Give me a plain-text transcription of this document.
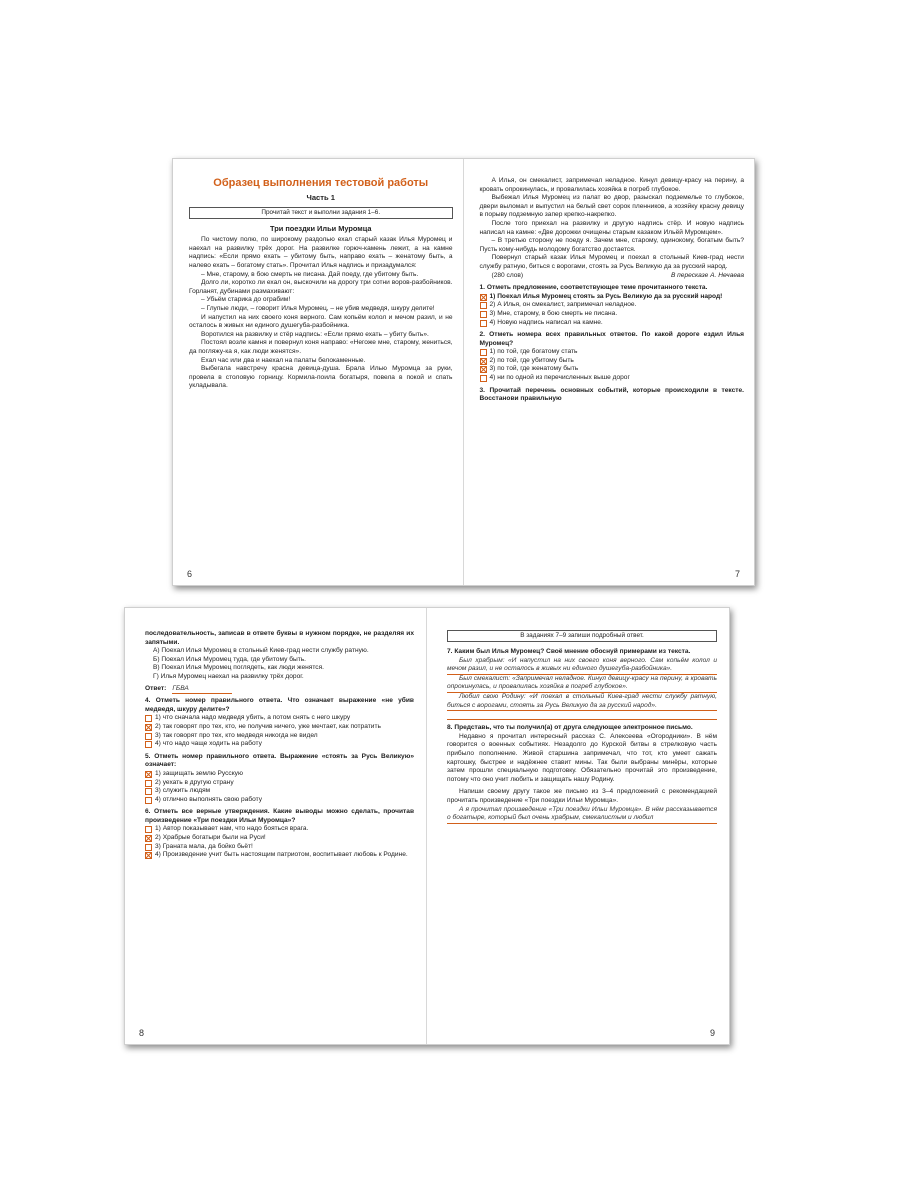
Образец выполнения тестовой работы
Часть 1
Прочитай текст и выполни задания 1–6.
Три поездки Ильи Муромца

По чистому полю, по широкому раздолью ехал старый казак Илья Муромец и наехал на развилку трёх дорог. На развилке горюч-камень лежит, а на камне надпись: «Если прямо ехать – убитому быть, направо ехать – женатому быть, а налево ехать – богатому стать». Прочитал Илья надпись и призадумался:

– Мне, старому, в бою смерть не писана. Дай поеду, где убитому быть.

Долго ли, коротко ли ехал он, выскочили на дорогу три сотни воров-разбойников. Горланят, дубинами размахивают:

– Убьём старика до ограбим!

– Глупые люди, – говорит Илья Муромец, – не убив медведя, шкуру делите!

И напустил на них своего коня верного. Сам копьём колол и мечом разил, и не осталось в живых ни единого душегуба-разбойника.

Воротился на развилку и стёр надпись: «Если прямо ехать – убиту быть».

Постоял возле камня и повернул коня направо: «Негоже мне, старому, жениться, да погляжу-ка я, как люди женятся».

Ехал час или два и наехал на палаты белокаменные.

Выбегала навстречу красна девица-душа. Брала Илью Муромца за руки, провела в столовую горницу. Кормила-поила богатыря, повела в покой и спать укладывала.

6

А Илья, он смекалист, запримечал неладное. Кинул девицу-красу на перину, а кровать опрокинулась, и провалилась хозяйка в погреб глубокое.

Выбежал Илья Муромец из палат во двор, разыскал подземелье то глубокое, двери выломал и выпустил на белый свет сорок пленников, а хозяйку красну девицу в порыву подземную запер крепко-накрепко.

После того приехал на развилку и другую надпись стёр. И новую надпись написал на камне: «Две дорожки очищены старым казаком Ильёй Муромцем».

– В третью сторону не поеду я. Зачем мне, старому, одинокому, богатым быть? Пусть кому-нибудь молодому богатство достается.

Повернул старый казак Илья Муромец и поехал в стольный Киев-град нести службу ратную, биться с ворогами, стоять за Русь Великую да за русский народ.

(280 слов)	В пересказе А. Нечаева

1. Отметь предложение, соответствующее теме прочитанного текста.

1) Поехал Илья Муромец стоять за Русь Великую да за русский народ!
2) А Илья, он смекалист, запримечал неладное.
3) Мне, старому, в бою смерть не писана.
4) Новую надпись написал на камне.

2. Отметь номера всех правильных ответов. По какой дороге ездил Илья Муромец?

1) по той, где богатому стать
2) по той, где убитому быть
3) по той, где женатому быть
4) ни по одной из перечисленных выше дорог

3. Прочитай перечень основных событий, которые происходили в тексте. Восстанови правильную

7

последовательность, записав в ответе буквы в нужном порядке, не разделяя их запятыми.

А) Поехал Илья Муромец в стольный Киев-град нести службу ратную.

Б) Поехал Илья Муромец туда, где убитому быть.

В) Поехал Илья Муромец поглядеть, как люди женятся.

Г) Илья Муромец наехал на развилку трёх дорог.

Ответ: ГБВА

4. Отметь номер правильного ответа. Что означает выражение «не убив медведя, шкуру делите»?

1) что сначала надо медведя убить, а потом снять с него шкуру
2) так говорят про тех, кто, не получив ничего, уже мечтает, как потратить
3) так говорят про тех, кто медведя никогда не видел
4) что надо чаще ходить на работу

5. Отметь номер правильного ответа. Выражение «стоять за Русь Великую» означает:

1) защищать землю Русскую
2) уехать в другую страну
3) служить людям
4) отлично выполнять свою работу

6. Отметь все верные утверждения. Какие выводы можно сделать, прочитав произведение «Три поездки Ильи Муромца»?

1) Автор показывает нам, что надо бояться врага.
2) Храбрые богатыри были на Руси!
3) Граната мала, да бойко бьёт!
4) Произведение учит быть настоящим патриотом, воспитывает любовь к Родине.
8
В заданиях 7–9 запиши подробный ответ.

7. Каким был Илья Муромец? Своё мнение обоснуй примерами из текста.

Был храбрым: «И напустил на них своего коня верного. Сам копьём колол и мечом разил, и не осталось в живых ни единого душегуба-разбойника».

Был смекалист: «Запримечал неладное. Кинул девицу-красу на перину, а кровать опрокинулась, и провалилась хозяйка в погреб глубокое».

Любил свою Родину: «И поехал в стольный Киев-град нести службу ратную, биться с ворогами, стоять за Русь Великую да за русский народ».

8. Представь, что ты получил(а) от друга следующее электронное письмо.

Недавно я прочитал интересный рассказ С. Алексеева «Огородники». В нём говорится о военных событиях. Незадолго до Курской битвы в стрелковую часть прибыло пополнение. Живой старшина запримечал, что тот, кто умеет сажать картошку, быстрее и надёжнее ставит мины. Так были выбраны минёры, которые затем прошли специальную подготовку. Обязательно прочитай это произведение, потому что оно учит любить и защищать нашу Родину.

Напиши своему другу такое же письмо из 3–4 предложений с рекомендацией прочитать произведение «Три поездки Ильи Муромца».

А я прочитал произведение «Три поездки Ильи Муромца». В нём рассказывается о богатыре, который был очень храбрым, смекалистым и любил

9
